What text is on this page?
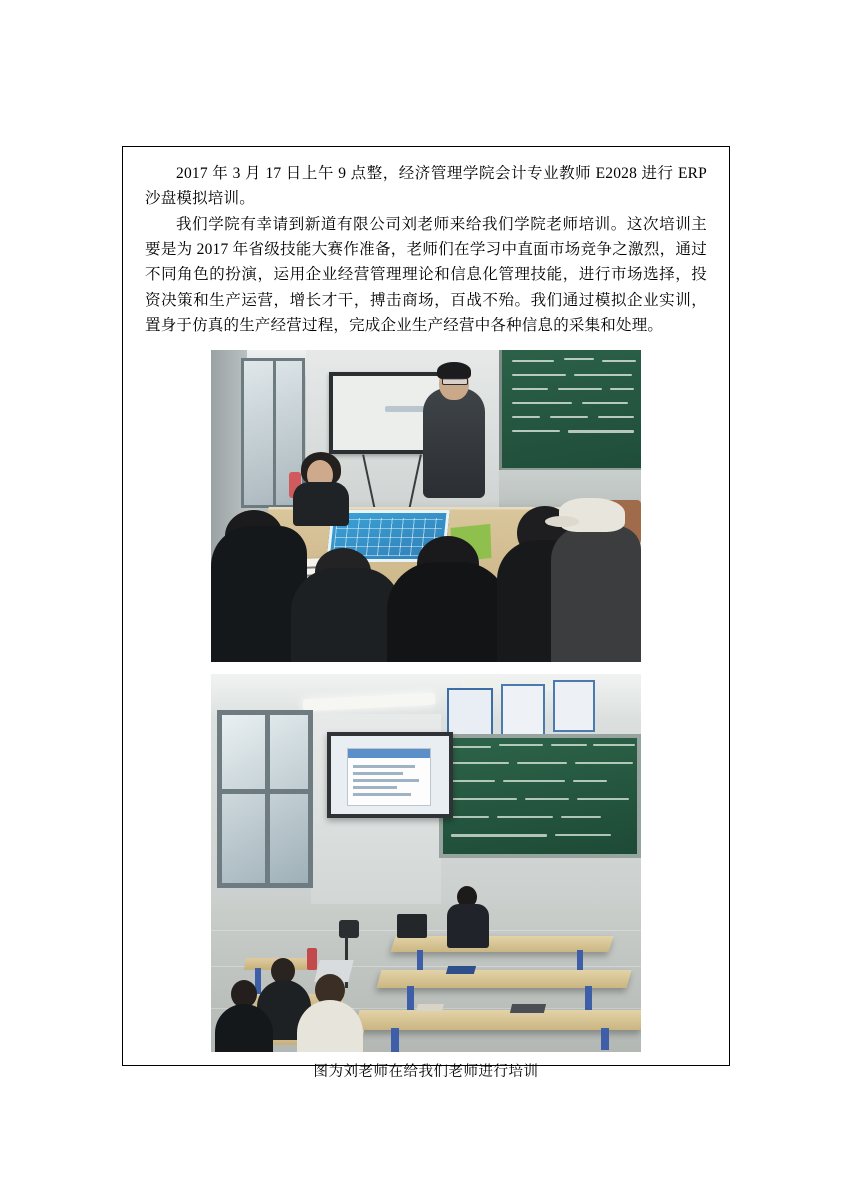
2017 年 3 月 17 日上午 9 点整，经济管理学院会计专业教师 E2028 进行 ERP 沙盘模拟培训。

我们学院有幸请到新道有限公司刘老师来给我们学院老师培训。这次培训主要是为 2017 年省级技能大赛作准备，老师们在学习中直面市场竞争之激烈，通过不同角色的扮演，运用企业经营管理理论和信息化管理技能，进行市场选择，投资决策和生产运营，增长才干，搏击商场，百战不殆。我们通过模拟企业实训，置身于仿真的生产经营过程，完成企业生产经营中各种信息的采集和处理。

图为刘老师在给我们老师进行培训
